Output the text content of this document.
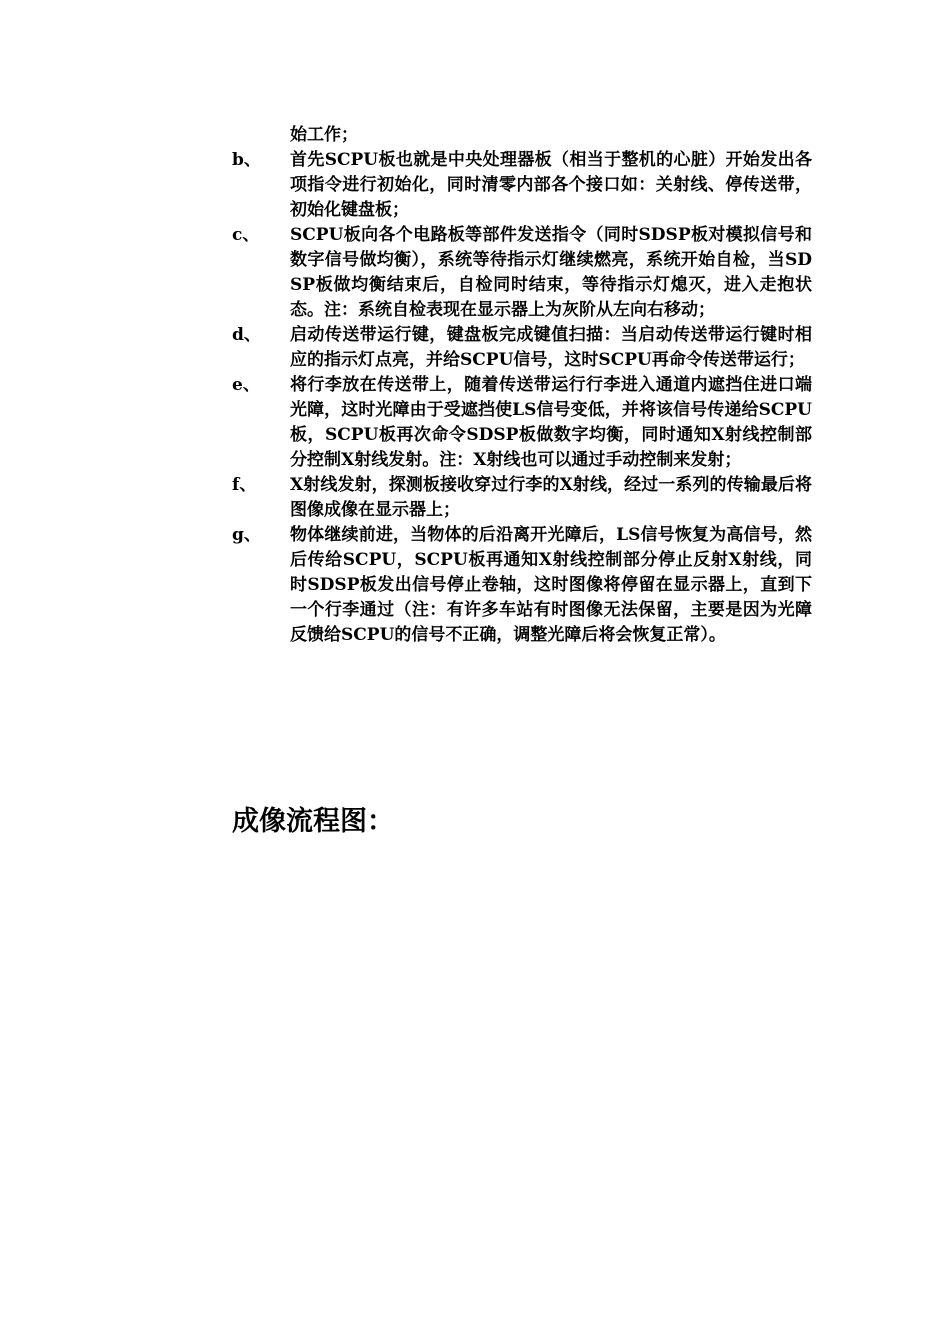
始工作；
b、	首先SCPU板也就是中央处理器板（相当于整机的心脏）开始发出各项指令进行初始化，同时清零内部各个接口如：关射线、停传送带，初始化键盘板；
c、	SCPU板向各个电路板等部件发送指令（同时SDSP板对模拟信号和数字信号做均衡），系统等待指示灯继续燃亮，系统开始自检，当SDSP板做均衡结束后，自检同时结束，等待指示灯熄灭，进入走抱状态。注：系统自检表现在显示器上为灰阶从左向右移动；
d、	启动传送带运行键，键盘板完成键值扫描：当启动传送带运行键时相应的指示灯点亮，并给SCPU信号，这时SCPU再命令传送带运行；
e、	将行李放在传送带上，随着传送带运行行李进入通道内遮挡住进口端光障，这时光障由于受遮挡使LS信号变低，并将该信号传递给SCPU板，SCPU板再次命令SDSP板做数字均衡，同时通知X射线控制部分控制X射线发射。注：X射线也可以通过手动控制来发射；
f、	X射线发射，探测板接收穿过行李的X射线，经过一系列的传输最后将图像成像在显示器上；
g、	物体继续前进，当物体的后沿离开光障后，LS信号恢复为高信号，然后传给SCPU，SCPU板再通知X射线控制部分停止反射X射线，同时SDSP板发出信号停止卷轴，这时图像将停留在显示器上，直到下一个行李通过（注：有许多车站有时图像无法保留，主要是因为光障反馈给SCPU的信号不正确，调整光障后将会恢复正常）。
成像流程图：
